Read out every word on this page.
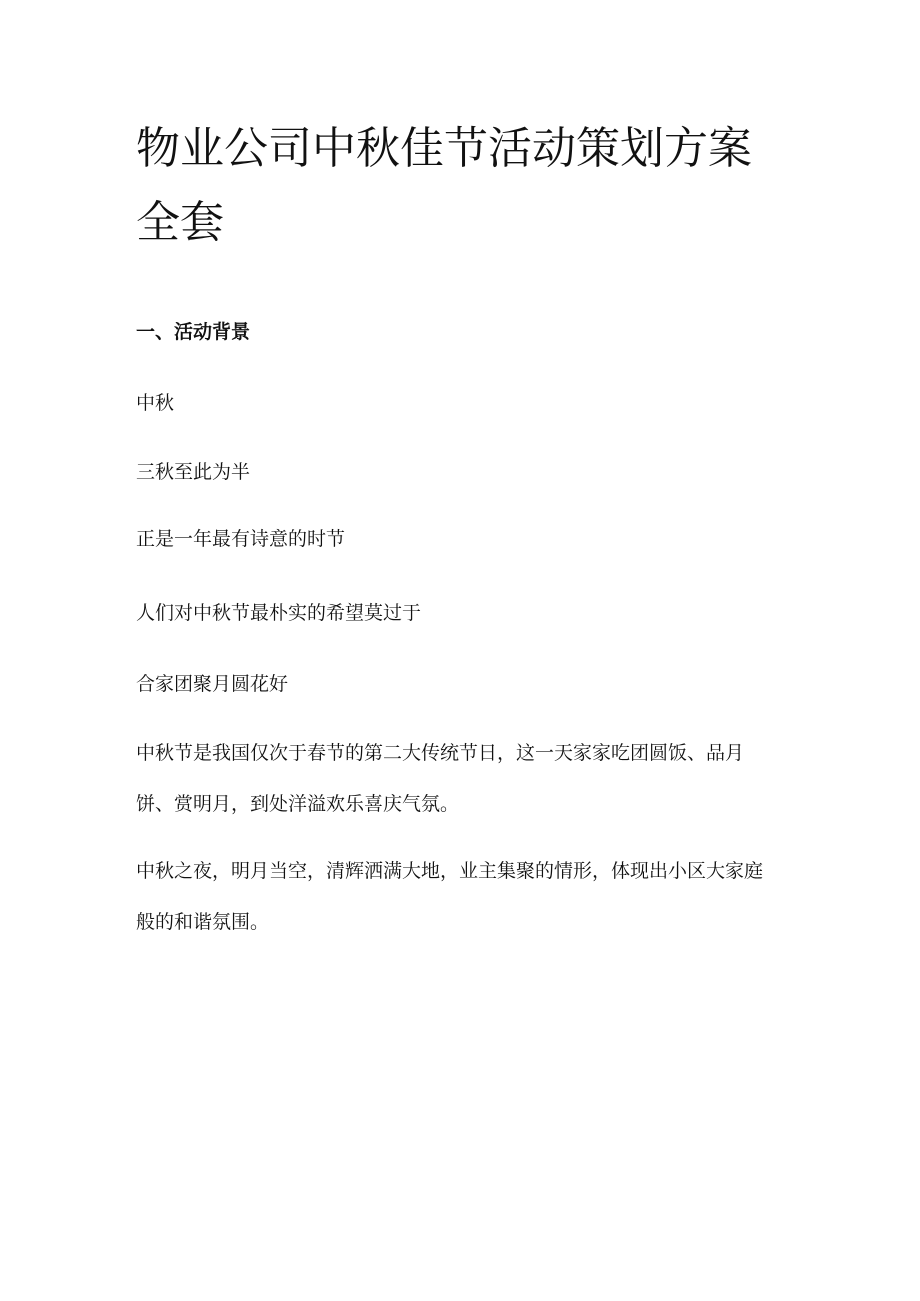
物业公司中秋佳节活动策划方案全套
一、活动背景

中秋

三秋至此为半

正是一年最有诗意的时节

人们对中秋节最朴实的希望莫过于

合家团聚月圆花好

中秋节是我国仅次于春节的第二大传统节日，这一天家家吃团圆饭、品月饼、赏明月，到处洋溢欢乐喜庆气氛。

中秋之夜，明月当空，清辉洒满大地，业主集聚的情形，体现出小区大家庭般的和谐氛围。
